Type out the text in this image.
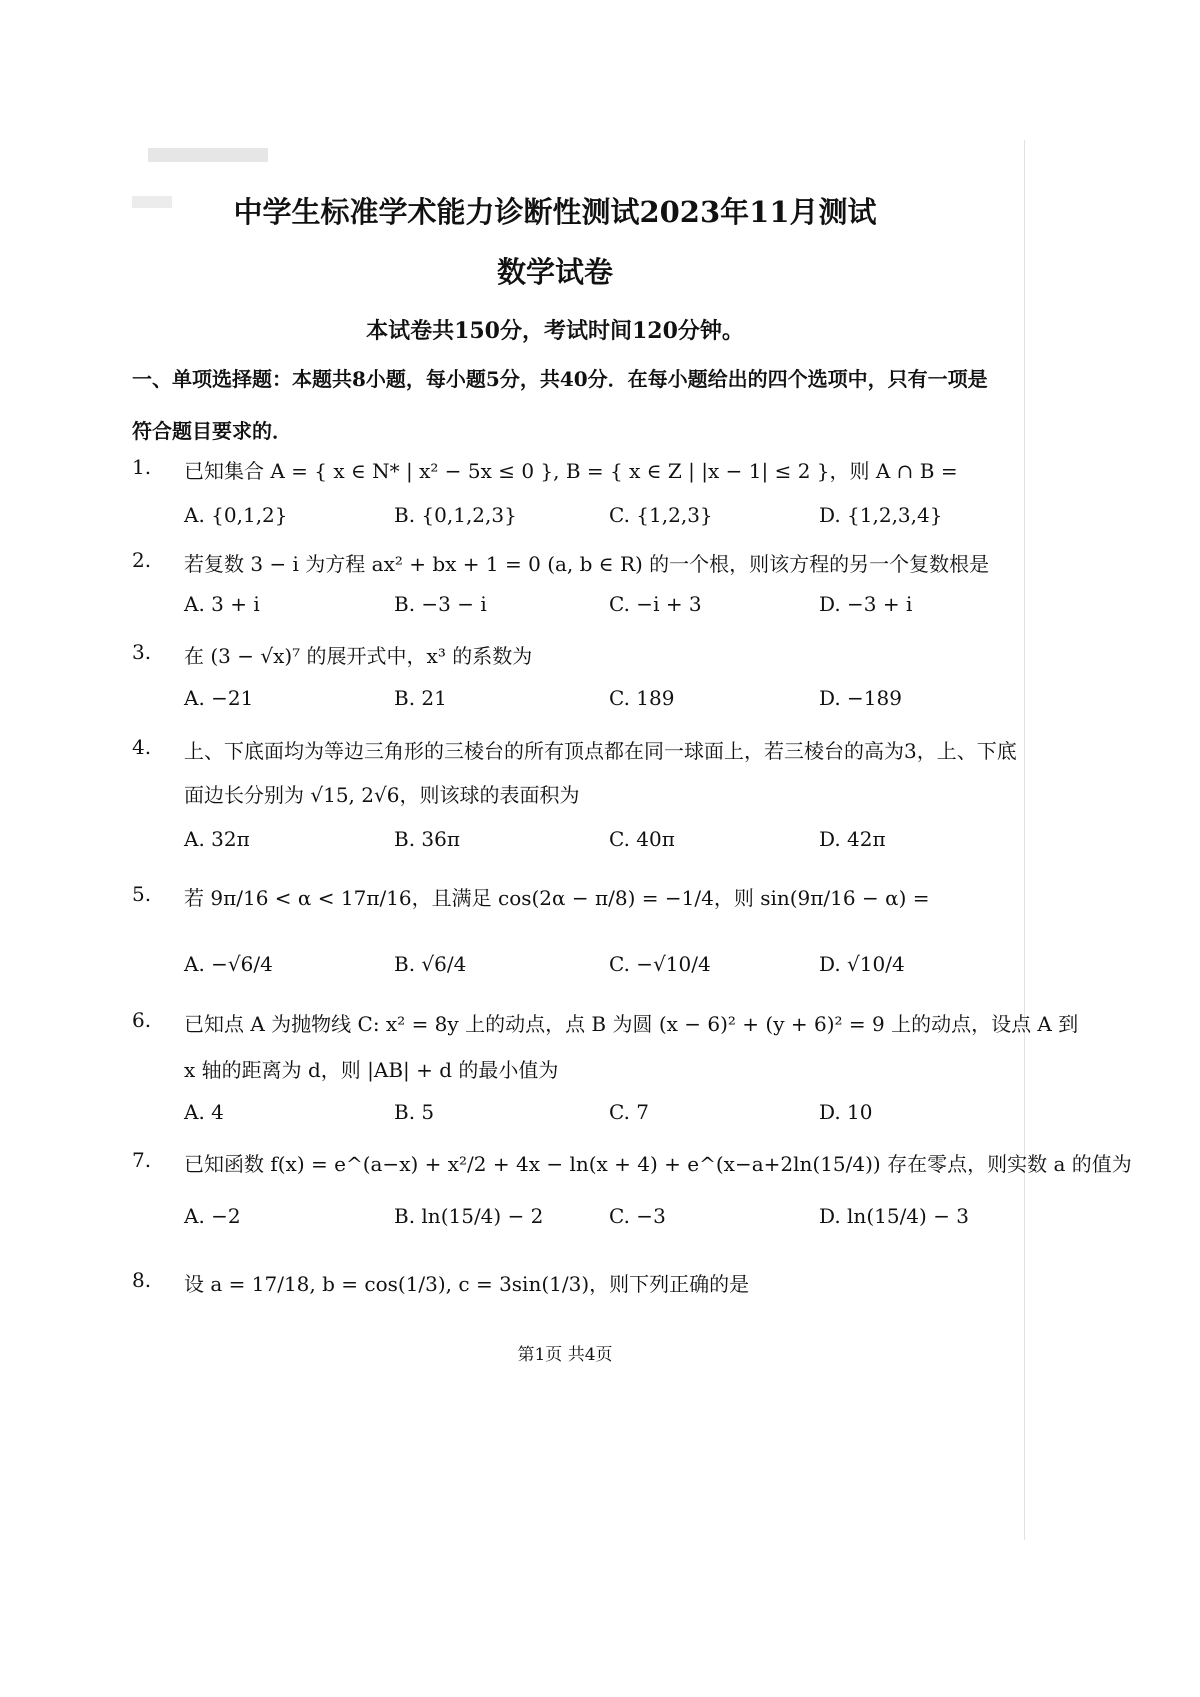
中学生标准学术能力诊断性测试2023年11月测试
数学试卷
本试卷共150分，考试时间120分钟。
一、单项选择题：本题共8小题，每小题5分，共40分．在每小题给出的四个选项中，只有一项是
符合题目要求的．
1.	已知集合 A = { x ∈ N* | x² − 5x ≤ 0 }, B = { x ∈ Z | |x − 1| ≤ 2 }，则 A ∩ B =
A. {0,1,2}	B. {0,1,2,3}	C. {1,2,3}	D. {1,2,3,4}
2.	若复数 3 − i 为方程 ax² + bx + 1 = 0 (a, b ∈ R) 的一个根，则该方程的另一个复数根是
A. 3 + i	B. −3 − i	C. −i + 3	D. −3 + i
3.	在 (3 − √x)⁷ 的展开式中，x³ 的系数为
A. −21	B. 21	C. 189	D. −189
4.	上、下底面均为等边三角形的三棱台的所有顶点都在同一球面上，若三棱台的高为3，上、下底
面边长分别为 √15, 2√6，则该球的表面积为
A. 32π	B. 36π	C. 40π	D. 42π
5.	若 9π/16 < α < 17π/16，且满足 cos(2α − π/8) = −1/4，则 sin(9π/16 − α) =
A. −√6/4	B. √6/4	C. −√10/4	D. √10/4
6.	已知点 A 为抛物线 C: x² = 8y 上的动点，点 B 为圆 (x − 6)² + (y + 6)² = 9 上的动点，设点 A 到
x 轴的距离为 d，则 |AB| + d 的最小值为
A. 4	B. 5	C. 7	D. 10
7.	已知函数 f(x) = e^(a−x) + x²/2 + 4x − ln(x + 4) + e^(x−a+2ln(15/4)) 存在零点，则实数 a 的值为
A. −2	B. ln(15/4) − 2	C. −3	D. ln(15/4) − 3
8.	设 a = 17/18, b = cos(1/3), c = 3sin(1/3)，则下列正确的是
第1页 共4页
